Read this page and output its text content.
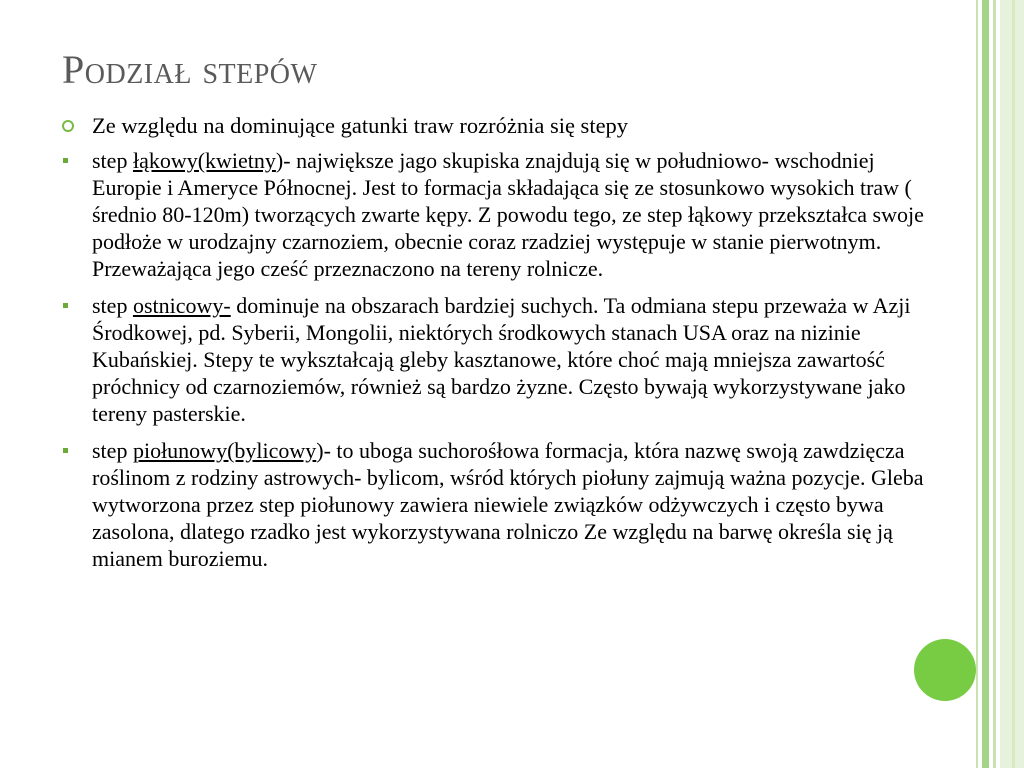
Podział stepów

Ze względu na dominujące gatunki traw rozróżnia się stepy

step łąkowy(kwietny)- największe jago skupiska znajdują się w południowo- wschodniej Europie i Ameryce Północnej. Jest to formacja składająca się ze stosunkowo wysokich traw ( średnio 80-120m) tworzących zwarte kępy. Z powodu tego, ze step łąkowy przekształca swoje podłoże w urodzajny czarnoziem, obecnie coraz rzadziej występuje w stanie pierwotnym. Przeważająca jego cześć przeznaczono na tereny rolnicze.
step ostnicowy- dominuje na obszarach bardziej suchych. Ta odmiana stepu przeważa w Azji Środkowej, pd. Syberii, Mongolii, niektórych środkowych stanach USA oraz na nizinie Kubańskiej. Stepy te wykształcają gleby kasztanowe, które choć mają mniejsza zawartość próchnicy od czarnoziemów, również są bardzo żyzne. Często bywają wykorzystywane jako tereny pasterskie.
step piołunowy(bylicowy)- to uboga suchorośłowa formacja, która nazwę swoją zawdzięcza roślinom z rodziny astrowych- bylicom, wśród których piołuny zajmują ważna pozycje. Gleba wytworzona przez step piołunowy zawiera niewiele związków odżywczych i często bywa zasolona, dlatego rzadko jest wykorzystywana rolniczo Ze względu na barwę określa się ją mianem buroziemu.
